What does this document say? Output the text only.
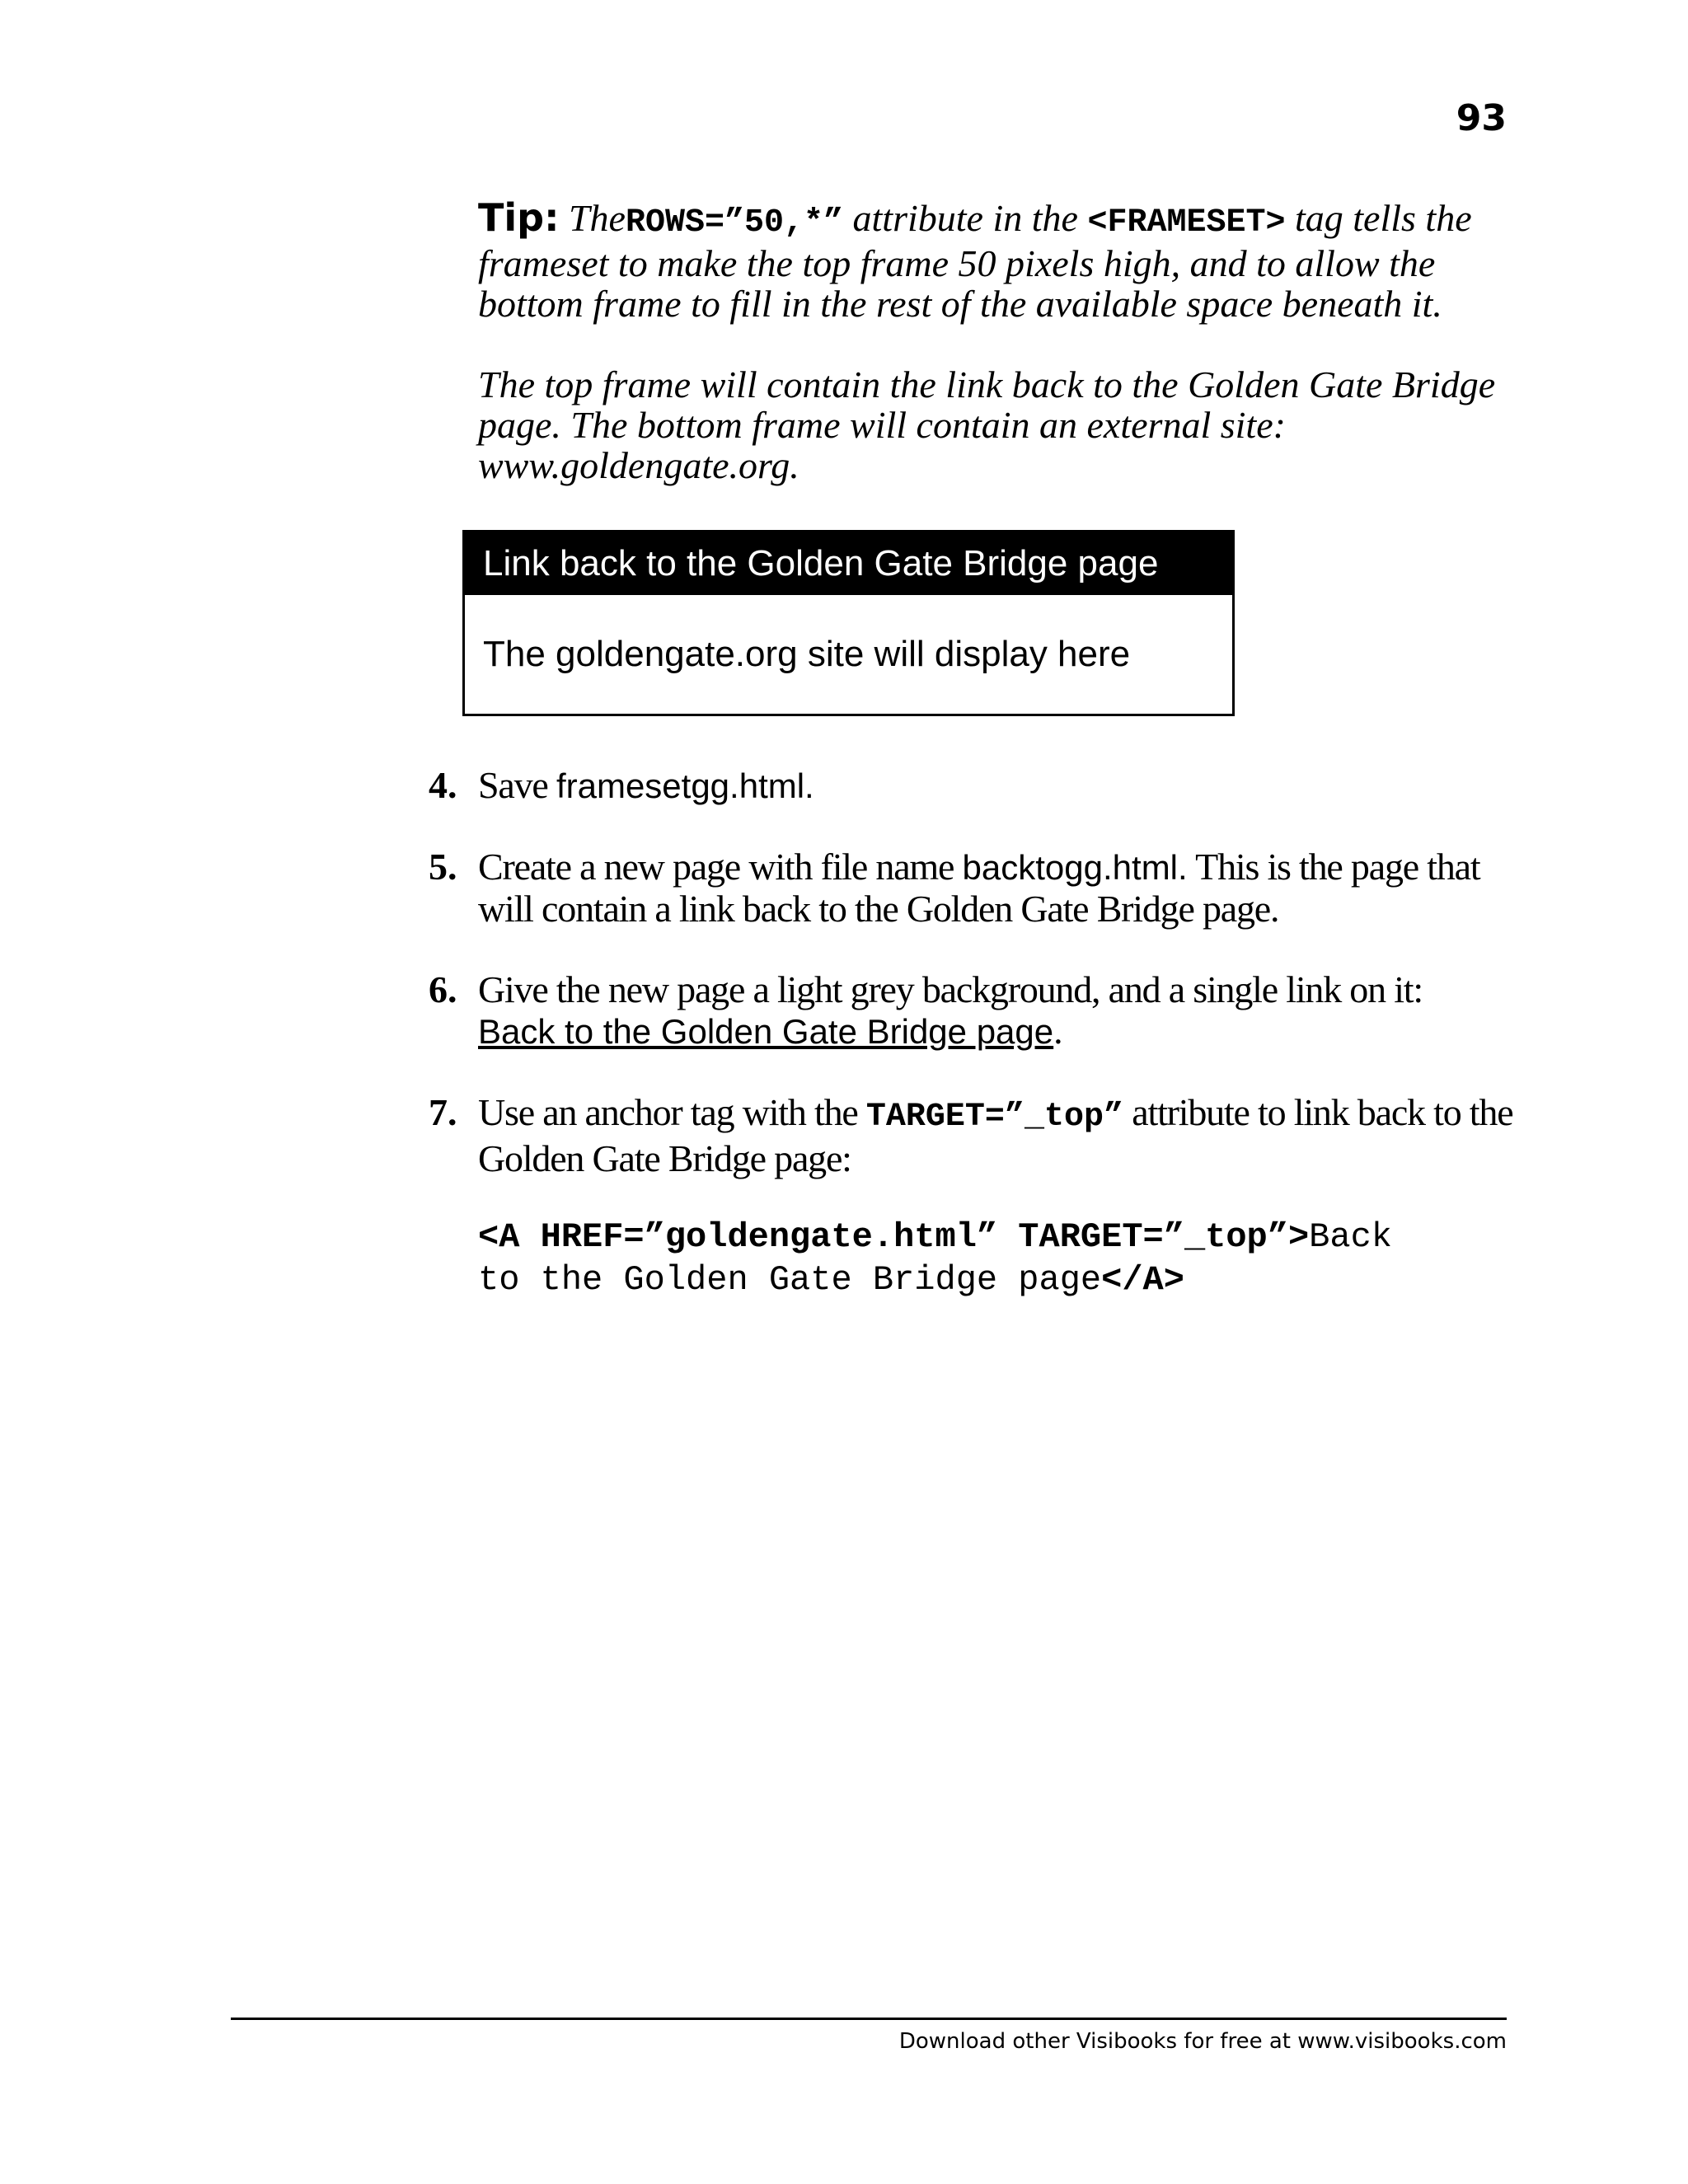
93

Tip: TheROWS=”50,*” attribute in the <FRAMESET> tag tells the frameset to make the top frame 50 pixels high, and to allow the bottom frame to fill in the rest of the available space beneath it.

The top frame will contain the link back to the Golden Gate Bridge page. The bottom frame will contain an external site: www.goldengate.org.

Link back to the Golden Gate Bridge page
The goldengate.org site will display here
4. Save framesetgg.html.
5. Create a new page with file name backtogg.html. This is the page that will contain a link back to the Golden Gate Bridge page.
6. Give the new page a light grey background, and a single link on it:
Back to the Golden Gate Bridge page.
7. Use an anchor tag with the TARGET=”_top” attribute to link back to the Golden Gate Bridge page:
<A HREF=”goldengate.html” TARGET=”_top”>Back
to the Golden Gate Bridge page</A>
Download other Visibooks for free at www.visibooks.com
